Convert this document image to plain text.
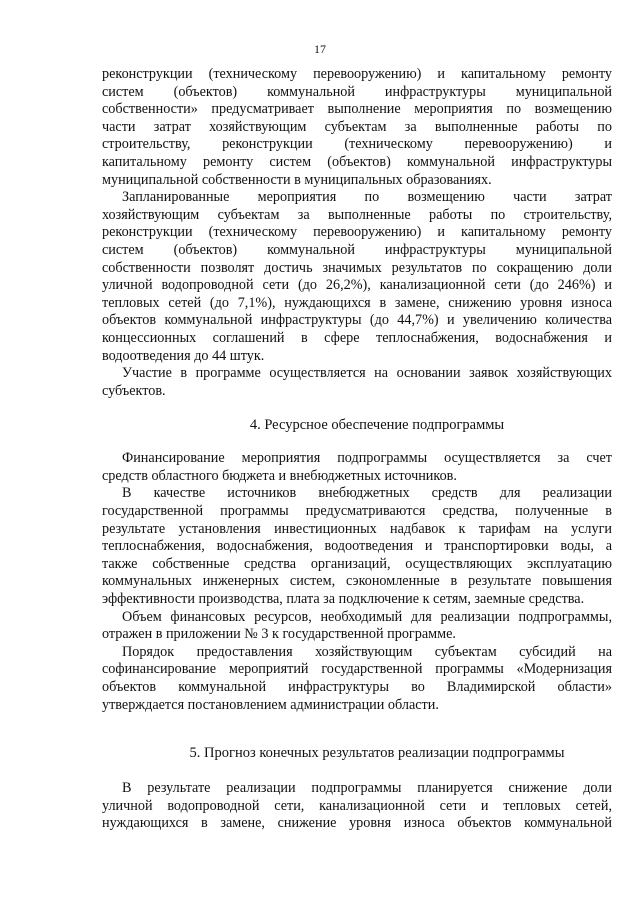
17
реконструкции (техническому перевооружению) и капитальному ремонту
систем (объектов) коммунальной инфраструктуры муниципальной
собственности» предусматривает выполнение мероприятия по возмещению
части затрат хозяйствующим субъектам за выполненные работы по
строительству, реконструкции (техническому перевооружению) и
капитальному ремонту систем (объектов) коммунальной инфраструктуры
муниципальной собственности в муниципальных образованиях.
Запланированные мероприятия по возмещению части затрат
хозяйствующим субъектам за выполненные работы по строительству,
реконструкции (техническому перевооружению) и капитальному ремонту
систем (объектов) коммунальной инфраструктуры муниципальной
собственности позволят достичь значимых результатов по сокращению доли
уличной водопроводной сети (до 26,2%), канализационной сети (до 246%) и
тепловых сетей (до 7,1%), нуждающихся в замене, снижению уровня износа
объектов коммунальной инфраструктуры (до 44,7%) и увеличению количества
концессионных соглашений в сфере теплоснабжения, водоснабжения и
водоотведения до 44 штук.
Участие в программе осуществляется на основании заявок хозяйствующих
субъектов.
4. Ресурсное обеспечение подпрограммы
Финансирование мероприятия подпрограммы осуществляется за счет
средств областного бюджета и внебюджетных источников.
В качестве источников внебюджетных средств для реализации
государственной программы предусматриваются средства, полученные в
результате установления инвестиционных надбавок к тарифам на услуги
теплоснабжения, водоснабжения, водоотведения и транспортировки воды, а
также собственные средства организаций, осуществляющих эксплуатацию
коммунальных инженерных систем, сэкономленные в результате повышения
эффективности производства, плата за подключение к сетям, заемные средства.
Объем финансовых ресурсов, необходимый для реализации подпрограммы,
отражен в приложении № 3 к государственной программе.
Порядок предоставления хозяйствующим субъектам субсидий на
софинансирование мероприятий государственной программы «Модернизация
объектов коммунальной инфраструктуры во Владимирской области»
утверждается постановлением администрации области.
5. Прогноз конечных результатов реализации подпрограммы
В результате реализации подпрограммы планируется снижение доли
уличной водопроводной сети, канализационной сети и тепловых сетей,
нуждающихся в замене, снижение уровня износа объектов коммунальной
